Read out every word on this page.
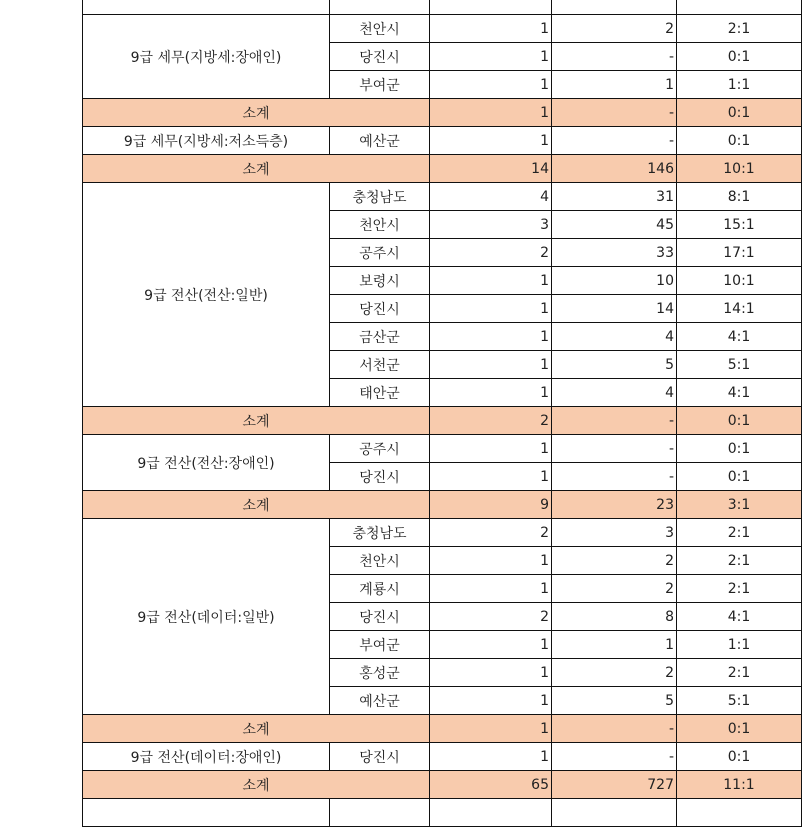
9급 세무(지방세:장애인)	천안시	1	2	2:1
	당진시	1	-	0:1
	부여군	1	1	1:1
소계		1	-	0:1
9급 세무(지방세:저소득층)	예산군	1	-	0:1
소계		14	146	10:1
9급 전산(전산:일반)	충청남도	4	31	8:1
	천안시	3	45	15:1
	공주시	2	33	17:1
	보령시	1	10	10:1
	당진시	1	14	14:1
	금산군	1	4	4:1
	서천군	1	5	5:1
	태안군	1	4	4:1
소계		2	-	0:1
9급 전산(전산:장애인)	공주시	1	-	0:1
	당진시	1	-	0:1
소계		9	23	3:1
9급 전산(데이터:일반)	충청남도	2	3	2:1
	천안시	1	2	2:1
	계룡시	1	2	2:1
	당진시	2	8	4:1
	부여군	1	1	1:1
	홍성군	1	2	2:1
	예산군	1	5	5:1
소계		1	-	0:1
9급 전산(데이터:장애인)	당진시	1	-	0:1
소계		65	727	11:1
